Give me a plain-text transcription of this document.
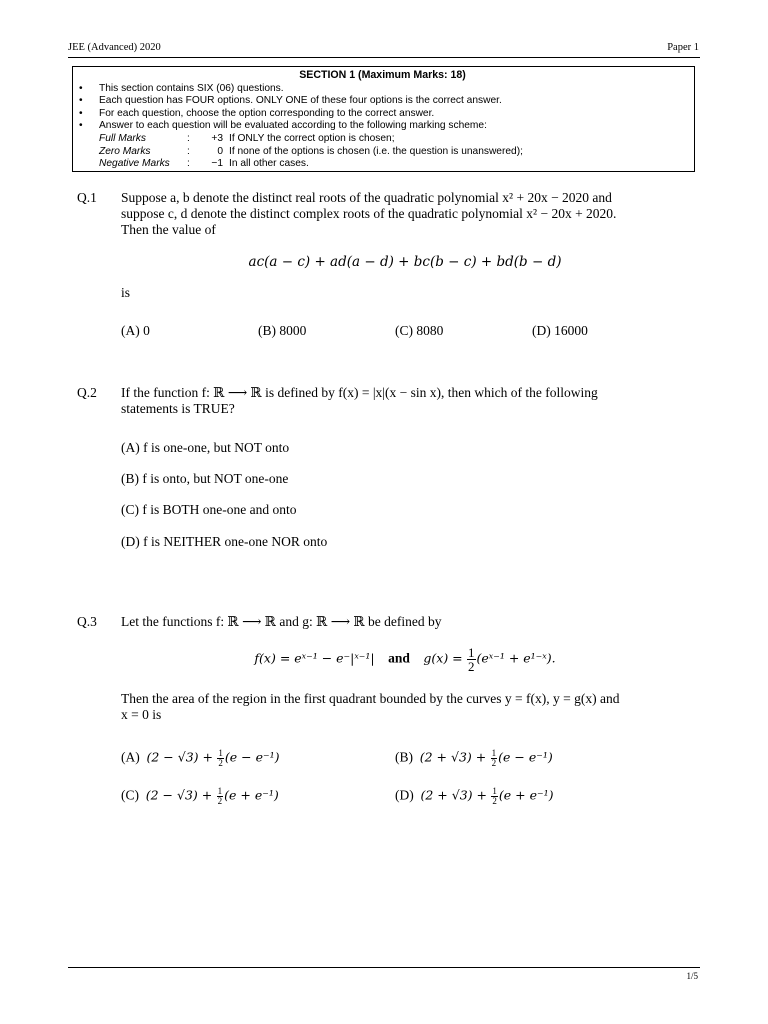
JEE (Advanced) 2020	Paper 1
SECTION 1 (Maximum Marks: 18)
• This section contains SIX (06) questions.
• Each question has FOUR options. ONLY ONE of these four options is the correct answer.
• For each question, choose the option corresponding to the correct answer.
• Answer to each question will be evaluated according to the following marking scheme:
Full Marks	:	+3 If ONLY the correct option is chosen;
Zero Marks	:	0 If none of the options is chosen (i.e. the question is unanswered);
Negative Marks	:	−1 In all other cases.
Q.1 Suppose a, b denote the distinct real roots of the quadratic polynomial x² + 20x − 2020 and
suppose c, d denote the distinct complex roots of the quadratic polynomial x² − 20x + 2020.
Then the value of
ac(a − c) + ad(a − d) + bc(b − c) + bd(b − d)
is
(A) 0	(B) 8000	(C) 8080	(D) 16000
Q.2 If the function f: ℝ ⟶ ℝ is defined by f(x) = |x|(x − sin x), then which of the following
statements is TRUE?
(A) f is one-one, but NOT onto
(B) f is onto, but NOT one-one
(C) f is BOTH one-one and onto
(D) f is NEITHER one-one NOR onto
Q.3 Let the functions f: ℝ ⟶ ℝ and g: ℝ ⟶ ℝ be defined by
f(x) = eˣ⁻¹ − e⁻|ˣ⁻¹| and $g(x) = \frac{1}{2}$ (eˣ⁻¹ + e¹⁻ˣ).
Then the area of the region in the first quadrant bounded by the curves y = f(x), y = g(x) and
x = 0 is
(A) $(2 - √3) + \frac{1}{2} (e - e^{-1})$	(B) $(2 + √3) + \frac{1}{2} (e - e^{-1})$
(C) $(2 - √3) + \frac{1}{2} (e + e^{-1})$	(D) $(2 + √3) + \frac{1}{2} (e + e^{-1})$
1/5
